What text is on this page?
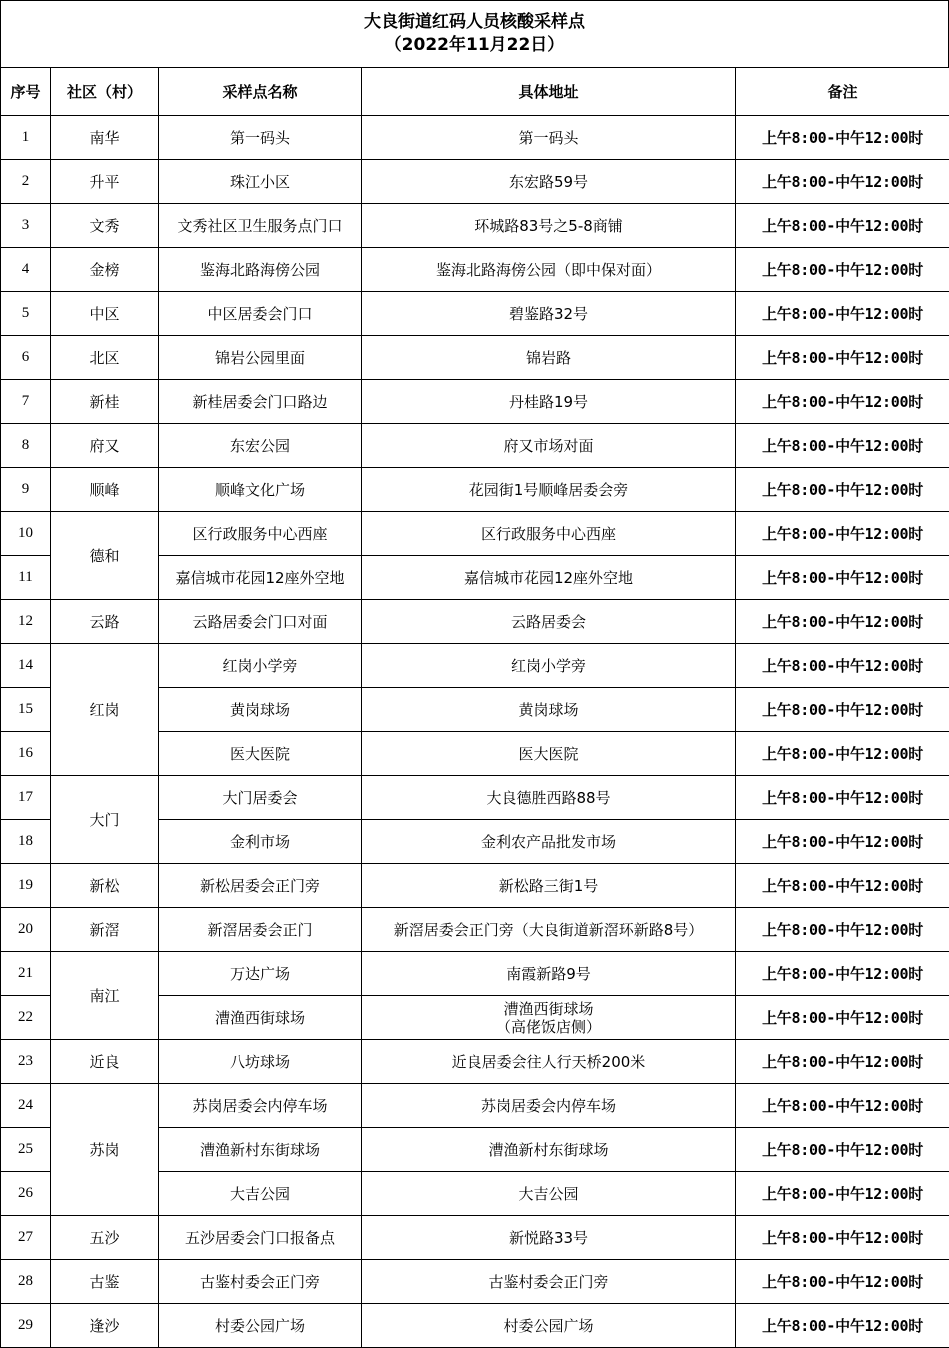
大良街道红码人员核酸采样点
（2022年11月22日）
序号	社区（村）	采样点名称	具体地址	备注
1	南华	第一码头	第一码头	上午8:00-中午12:00时
2	升平	珠江小区	东宏路59号	上午8:00-中午12:00时
3	文秀	文秀社区卫生服务点门口	环城路83号之5-8商铺	上午8:00-中午12:00时
4	金榜	鉴海北路海傍公园	鉴海北路海傍公园（即中保对面）	上午8:00-中午12:00时
5	中区	中区居委会门口	碧鉴路32号	上午8:00-中午12:00时
6	北区	锦岩公园里面	锦岩路	上午8:00-中午12:00时
7	新桂	新桂居委会门口路边	丹桂路19号	上午8:00-中午12:00时
8	府又	东宏公园	府又市场对面	上午8:00-中午12:00时
9	顺峰	顺峰文化广场	花园街1号顺峰居委会旁	上午8:00-中午12:00时
10	德和	区行政服务中心西座	区行政服务中心西座	上午8:00-中午12:00时
11		嘉信城市花园12座外空地	嘉信城市花园12座外空地	上午8:00-中午12:00时
12	云路	云路居委会门口对面	云路居委会	上午8:00-中午12:00时
14	红岗	红岗小学旁	红岗小学旁	上午8:00-中午12:00时
15		黄岗球场	黄岗球场	上午8:00-中午12:00时
16		医大医院	医大医院	上午8:00-中午12:00时
17	大门	大门居委会	大良德胜西路88号	上午8:00-中午12:00时
18		金利市场	金利农产品批发市场	上午8:00-中午12:00时
19	新松	新松居委会正门旁	新松路三街1号	上午8:00-中午12:00时
20	新滘	新滘居委会正门	新滘居委会正门旁（大良街道新滘环新路8号）	上午8:00-中午12:00时
21	南江	万达广场	南霞新路9号	上午8:00-中午12:00时
22		漕渔西街球场	漕渔西街球场
（高佬饭店侧）	上午8:00-中午12:00时
23	近良	八坊球场	近良居委会往人行天桥200米	上午8:00-中午12:00时
24	苏岗	苏岗居委会内停车场	苏岗居委会内停车场	上午8:00-中午12:00时
25		漕渔新村东街球场	漕渔新村东街球场	上午8:00-中午12:00时
26		大吉公园	大吉公园	上午8:00-中午12:00时
27	五沙	五沙居委会门口报备点	新悦路33号	上午8:00-中午12:00时
28	古鉴	古鉴村委会正门旁	古鉴村委会正门旁	上午8:00-中午12:00时
29	逢沙	村委公园广场	村委公园广场	上午8:00-中午12:00时
